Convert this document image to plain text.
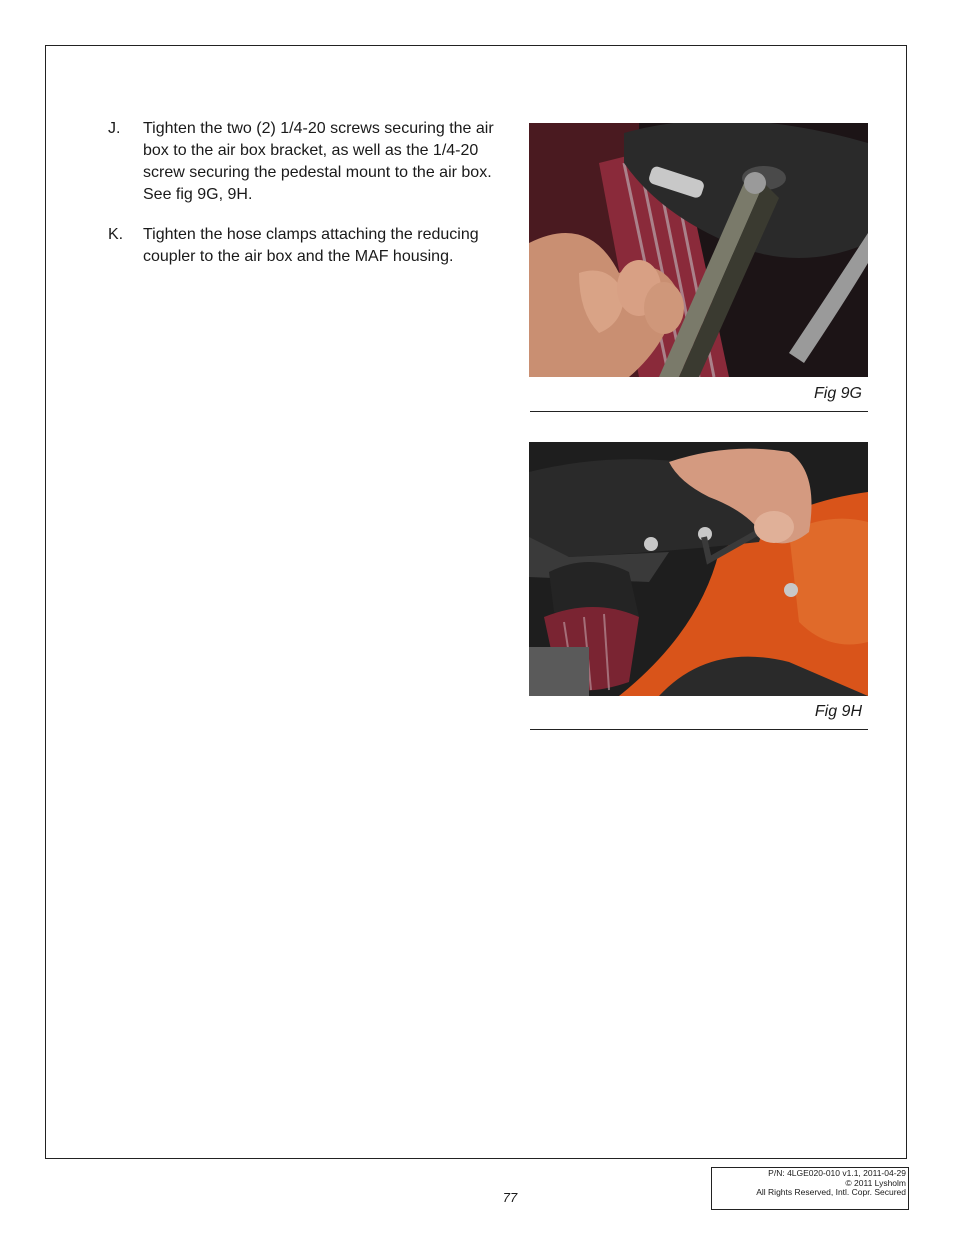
J.	Tighten the two (2) 1/4-20 screws securing the air box to the air box bracket, as well as the 1/4-20 screw securing the pedestal mount to the air box. See fig 9G, 9H.
K.	Tighten the hose clamps attaching the reducing coupler to the air box and the MAF housing.
Fig 9G
Fig 9H
77
P/N: 4LGE020-010 v1.1, 2011-04-29
© 2011 Lysholm
All Rights Reserved, Intl. Copr. Secured
